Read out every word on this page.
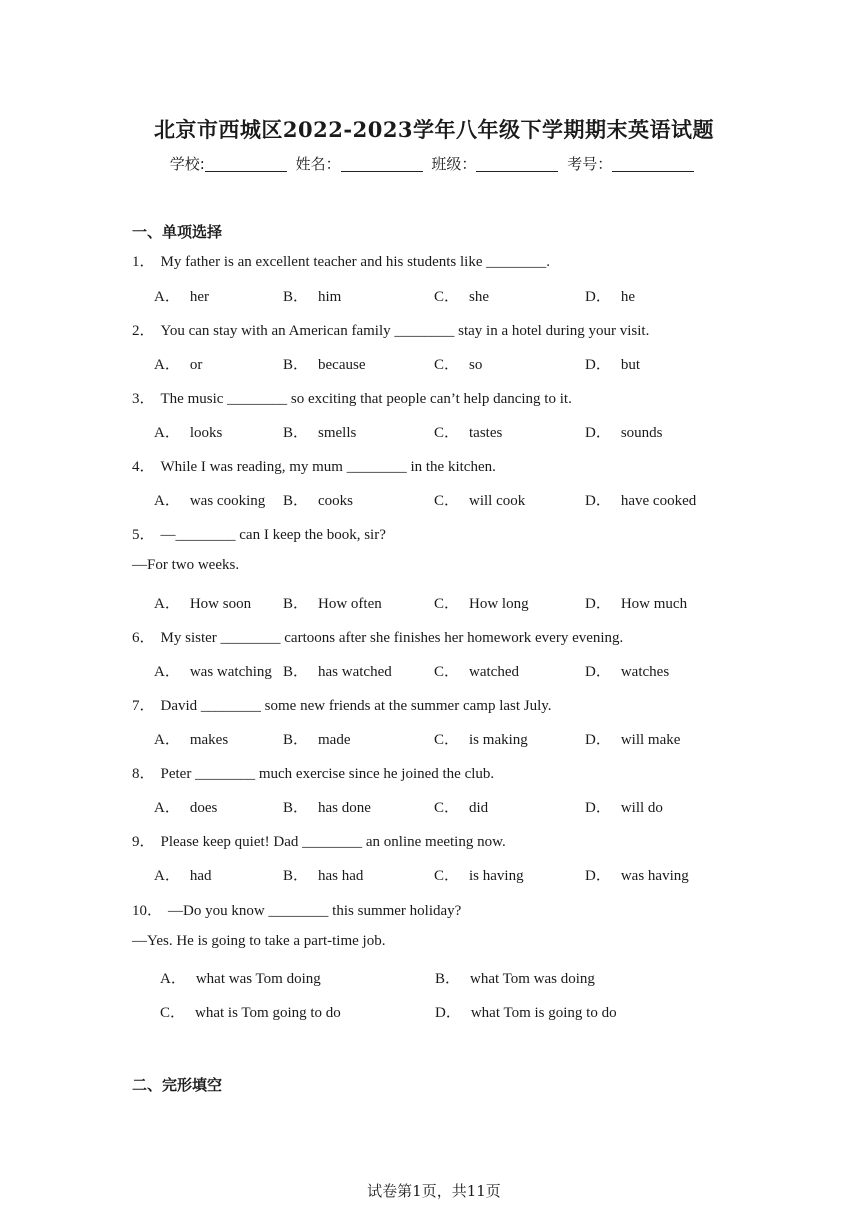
北京市西城区2022-2023学年八年级下学期期末英语试题
学校:	姓名：	班级：	考号：
一、单项选择
1． My father is an excellent teacher and his students like ________.
A． her	B． him	C． she	D． he
2． You can stay with an American family ________ stay in a hotel during your visit.
A． or	B． because	C． so	D． but
3． The music ________ so exciting that people can’t help dancing to it.
A． looks	B． smells	C． tastes	D． sounds
4． While I was reading, my mum ________ in the kitchen.
A． was cooking B． cooks	C． will cook	D． have cooked
5． —________ can I keep the book, sir?
—For two weeks.
A． How soon B． How often	C． How long	D． How much
6． My sister ________ cartoons after she finishes her homework every evening.
A． was watching B． has watched	C． watched	D． watches
7． David ________ some new friends at the summer camp last July.
A． makes	B． made	C． is making	D． will make
8． Peter ________ much exercise since he joined the club.
A． does	B． has done	C． did	D． will do
9． Please keep quiet! Dad ________ an online meeting now.
A． had	B． has had	C． is having	D． was having
10． —Do you know ________ this summer holiday?
—Yes. He is going to take a part-time job.
A． what was Tom doing	B． what Tom was doing
C． what is Tom going to do	D． what Tom is going to do
二、完形填空
试卷第1页，共11页
